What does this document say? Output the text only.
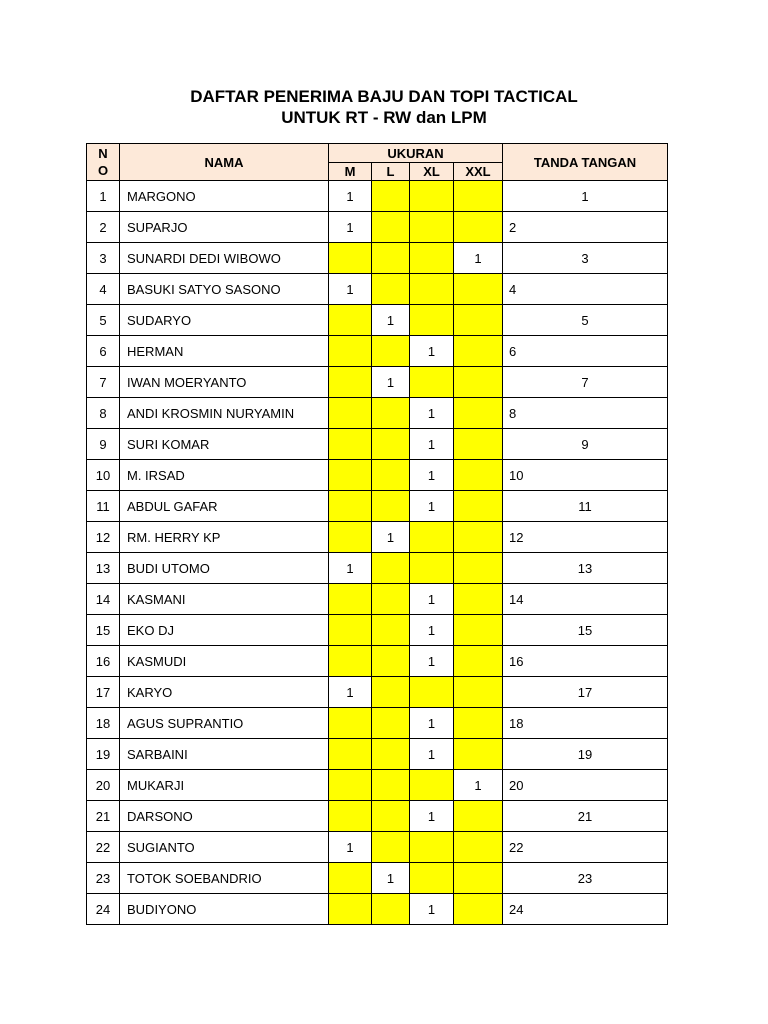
DAFTAR PENERIMA BAJU DAN TOPI TACTICAL
UNTUK RT - RW dan LPM
N
O	NAMA	UKURAN				TANDA TANGAN
		M	L	XL	XXL	
1	MARGONO	1				1
2	SUPARJO	1				2
3	SUNARDI DEDI WIBOWO				1	3
4	BASUKI SATYO SASONO	1				4
5	SUDARYO		1			5
6	HERMAN			1		6
7	IWAN MOERYANTO		1			7
8	ANDI KROSMIN NURYAMIN			1		8
9	SURI KOMAR			1		9
10	M. IRSAD			1		10
11	ABDUL GAFAR			1		11
12	RM. HERRY KP		1			12
13	BUDI UTOMO	1				13
14	KASMANI			1		14
15	EKO DJ			1		15
16	KASMUDI			1		16
17	KARYO	1				17
18	AGUS SUPRANTIO			1		18
19	SARBAINI			1		19
20	MUKARJI				1	20
21	DARSONO			1		21
22	SUGIANTO	1				22
23	TOTOK SOEBANDRIO		1			23
24	BUDIYONO			1		24
